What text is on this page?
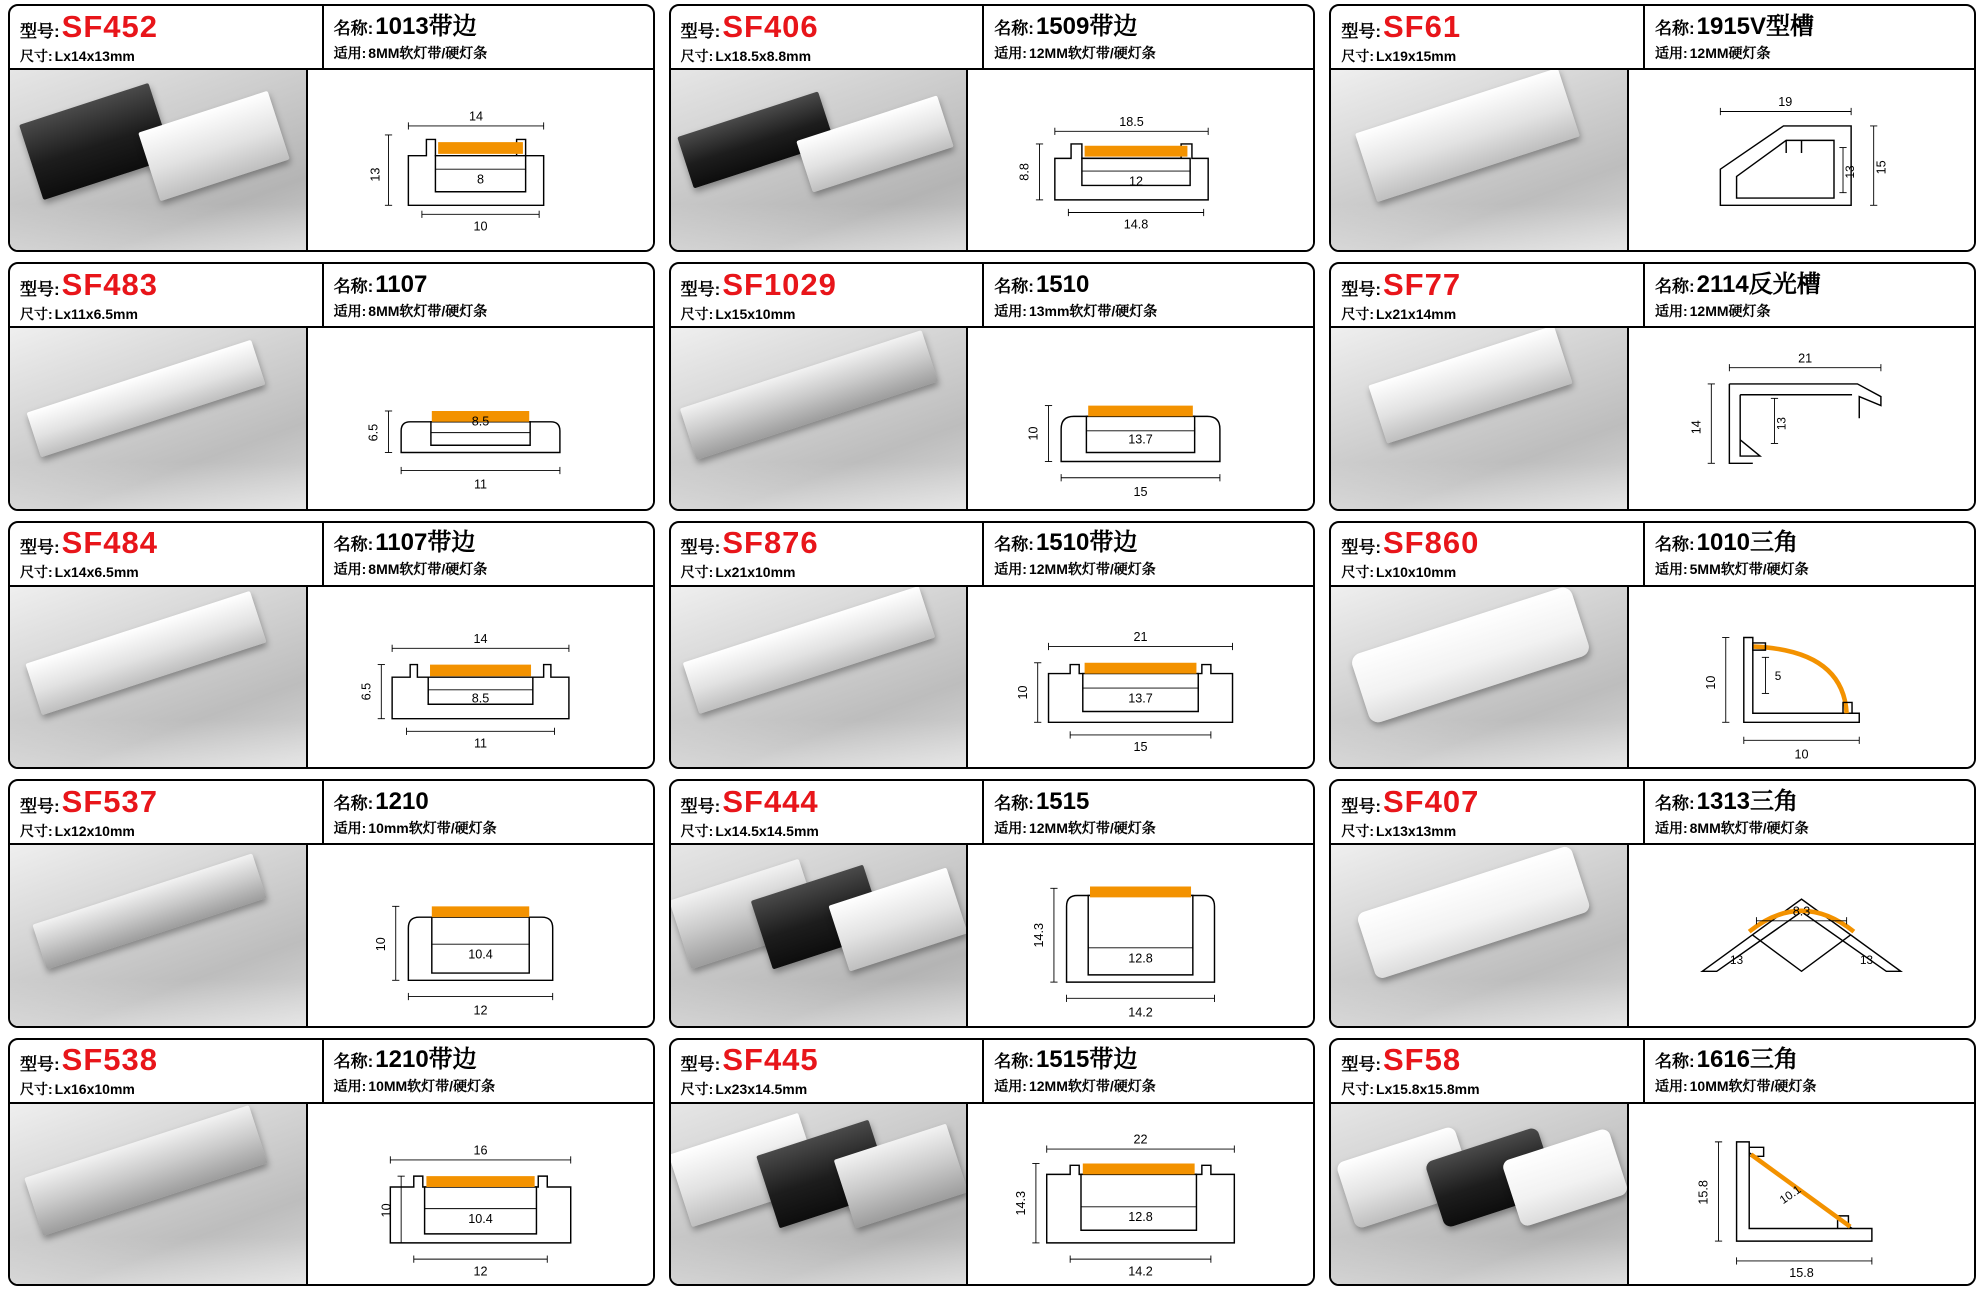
型号: SF452
尺寸: Lx14x13mm
名称: 1013带边
适用: 8MM软灯带/硬灯条
14
8
10
13
型号: SF406
尺寸: Lx18.5x8.8mm
名称: 1509带边
适用: 12MM软灯带/硬灯条
18.5
12
14.8
8.8
型号: SF61
尺寸: Lx19x15mm
名称: 1915V型槽
适用: 12MM硬灯条
19
15
13
型号: SF483
尺寸: Lx11x6.5mm
名称: 1107
适用: 8MM软灯带/硬灯条
8.5
11
6.5
型号: SF1029
尺寸: Lx15x10mm
名称: 1510
适用: 13mm软灯带/硬灯条
13.7
15
10
型号: SF77
尺寸: Lx21x14mm
名称: 2114反光槽
适用: 12MM硬灯条
21
14	13
型号: SF484
尺寸: Lx14x6.5mm
名称: 1107带边
适用: 8MM软灯带/硬灯条
14
8.5
11
6.5
型号: SF876
尺寸: Lx21x10mm
名称: 1510带边
适用: 12MM软灯带/硬灯条
21
13.7
15
10
型号: SF860
尺寸: Lx10x10mm
名称: 1010三角
适用: 5MM软灯带/硬灯条
10
10
5
型号: SF537
尺寸: Lx12x10mm
名称: 1210
适用: 10mm软灯带/硬灯条
10.4
12
10
型号: SF444
尺寸: Lx14.5x14.5mm
名称: 1515
适用: 12MM软灯带/硬灯条
12.8
14.2
14.3
型号: SF407
尺寸: Lx13x13mm
名称: 1313三角
适用: 8MM软灯带/硬灯条
8.3
13	13
型号: SF538
尺寸: Lx16x10mm
名称: 1210带边
适用: 10MM软灯带/硬灯条
16
10.4
12
10
型号: SF445
尺寸: Lx23x14.5mm
名称: 1515带边
适用: 12MM软灯带/硬灯条
22
12.8
14.2
14.3
型号: SF58
尺寸: Lx15.8x15.8mm
名称: 1616三角
适用: 10MM软灯带/硬灯条
15.8
15.8
10.1
